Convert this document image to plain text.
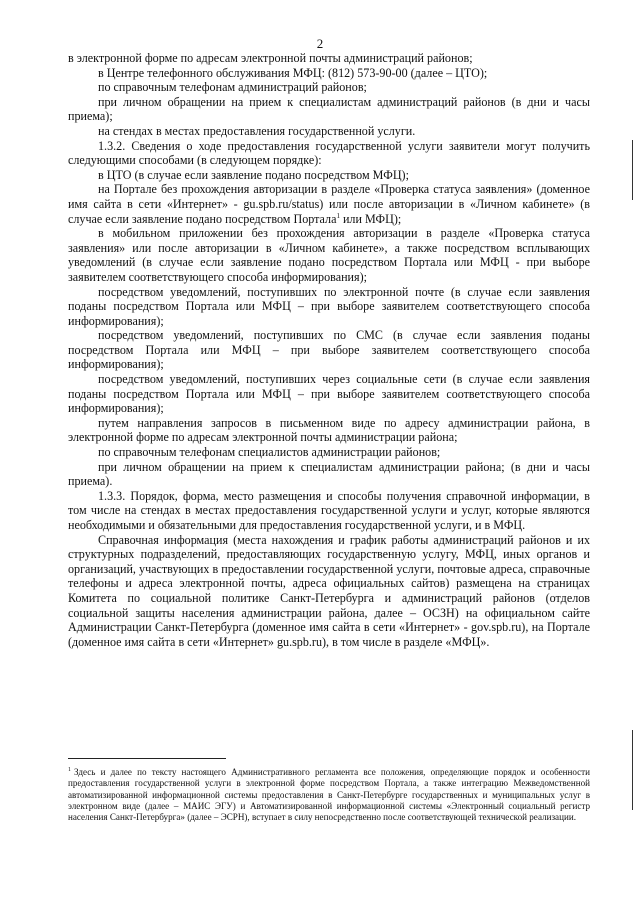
2

в электронной форме по адресам электронной почты администраций районов;

в Центре телефонного обслуживания МФЦ: (812) 573-90-00 (далее – ЦТО);

по справочным телефонам администраций районов;

при личном обращении на прием к специалистам администраций районов (в дни и часы приема);

на стендах в местах предоставления государственной услуги.

1.3.2. Сведения о ходе предоставления государственной услуги заявители могут получить следующими способами (в следующем порядке):

в ЦТО (в случае если заявление подано посредством МФЦ);

на Портале без прохождения авторизации в разделе «Проверка статуса заявления» (доменное имя сайта в сети «Интернет» - gu.spb.ru/status) или после авторизации в «Личном кабинете» (в случае если заявление подано посредством Портала$^1$ или МФЦ);

в мобильном приложении без прохождения авторизации в разделе «Проверка статуса заявления» или после авторизации в «Личном кабинете», а также посредством всплывающих уведомлений (в случае если заявление подано посредством Портала или МФЦ - при выборе заявителем соответствующего способа информирования);

посредством уведомлений, поступивших по электронной почте (в случае если заявления поданы посредством Портала или МФЦ – при выборе заявителем соответствующего способа информирования);

посредством уведомлений, поступивших по СМС (в случае если заявления поданы посредством Портала или МФЦ – при выборе заявителем соответствующего способа информирования);

посредством уведомлений, поступивших через социальные сети (в случае если заявления поданы посредством Портала или МФЦ – при выборе заявителем соответствующего способа информирования);

путем направления запросов в письменном виде по адресу администрации района, в электронной форме по адресам электронной почты администрации района;

по справочным телефонам специалистов администрации районов;

при личном обращении на прием к специалистам администрации района; (в дни и часы приема).

1.3.3. Порядок, форма, место размещения и способы получения справочной информации, в том числе на стендах в местах предоставления государственной услуги и услуг, которые являются необходимыми и обязательными для предоставления государственной услуги, и в МФЦ.

Справочная информация (места нахождения и график работы администраций районов и их структурных подразделений, предоставляющих государственную услугу, МФЦ, иных органов и организаций, участвующих в предоставлении государственной услуги, почтовые адреса, справочные телефоны и адреса электронной почты, адреса официальных сайтов) размещена на страницах Комитета по социальной политике Санкт-Петербурга и администраций районов (отделов социальной защиты населения администрации района, далее – ОСЗН) на официальном сайте Администрации Санкт-Петербурга (доменное имя сайта в сети «Интернет» - gov.spb.ru), на Портале (доменное имя сайта в сети «Интернет» gu.spb.ru), в том числе в разделе «МФЦ».

$^1$ Здесь и далее по тексту настоящего Административного регламента все положения, определяющие порядок и особенности предоставления государственной услуги в электронной форме посредством Портала, а также интеграцию Межведомственной автоматизированной информационной системы предоставления в Санкт-Петербурге государственных и муниципальных услуг в электронном виде (далее – МАИС ЭГУ) и Автоматизированной информационной системы «Электронный социальный регистр населения Санкт-Петербурга» (далее – ЭСРН), вступает в силу непосредственно после соответствующей технической реализации.
